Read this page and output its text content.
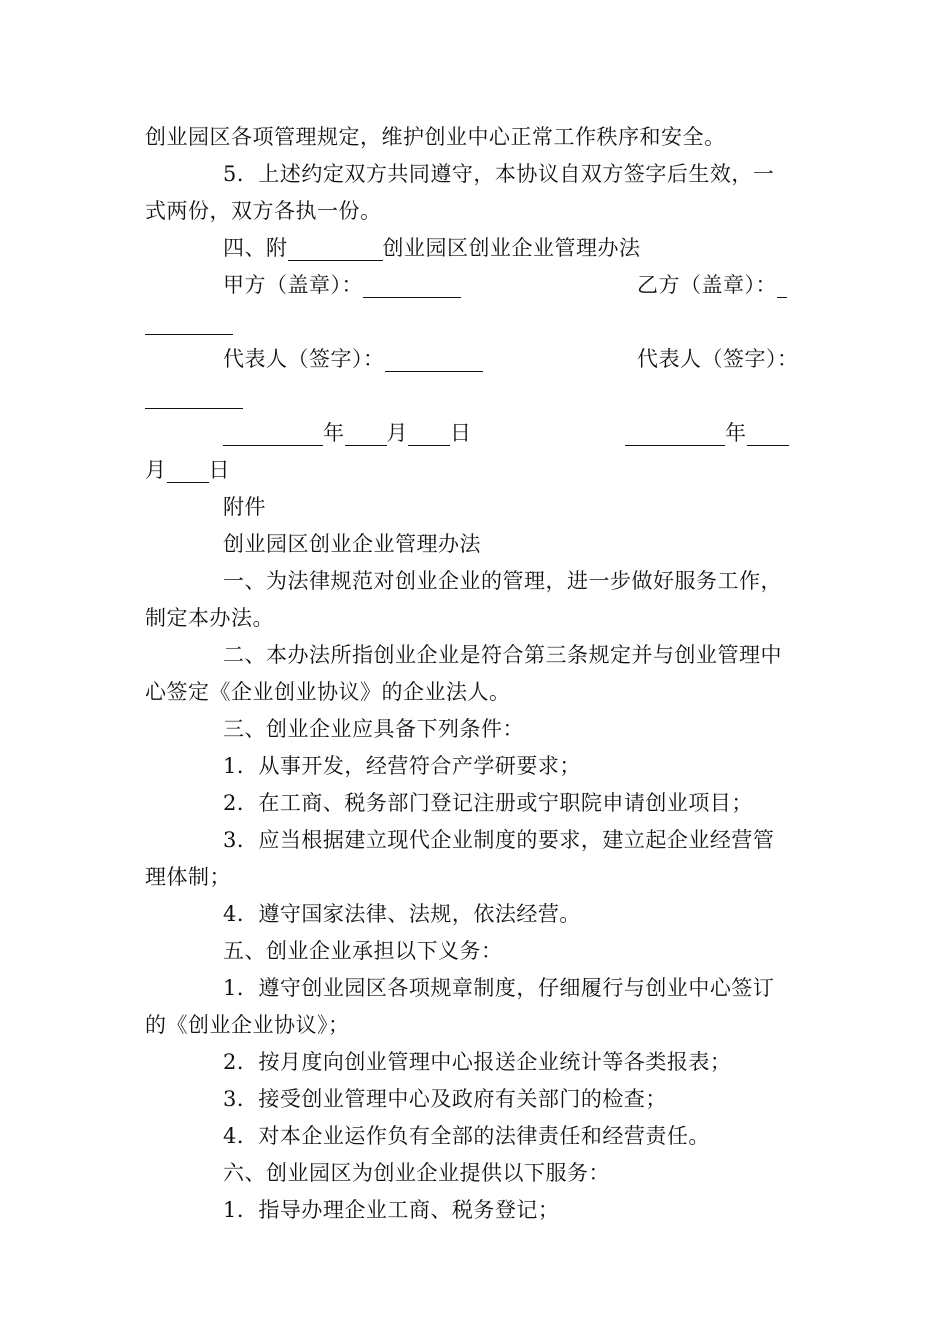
创业园区各项管理规定，维护创业中心正常工作秩序和安全。
5．上述约定双方共同遵守，本协议自双方签字后生效，一
式两份，双方各执一份。
四、附	创业园区创业企业管理办法
甲方（盖章）：	乙方（盖章）：
代表人（签字）：	代表人（签字）：
年 月 日	年
月 日
附件
创业园区创业企业管理办法
一、为法律规范对创业企业的管理，进一步做好服务工作，
制定本办法。
二、本办法所指创业企业是符合第三条规定并与创业管理中
心签定《企业创业协议》的企业法人。
三、创业企业应具备下列条件：
1．从事开发，经营符合产学研要求；
2．在工商、税务部门登记注册或宁职院申请创业项目；
3．应当根据建立现代企业制度的要求，建立起企业经营管
理体制；
4．遵守国家法律、法规，依法经营。
五、创业企业承担以下义务：
1．遵守创业园区各项规章制度，仔细履行与创业中心签订
的《创业企业协议》；
2．按月度向创业管理中心报送企业统计等各类报表；
3．接受创业管理中心及政府有关部门的检查；
4．对本企业运作负有全部的法律责任和经营责任。
六、创业园区为创业企业提供以下服务：
1．指导办理企业工商、税务登记；
